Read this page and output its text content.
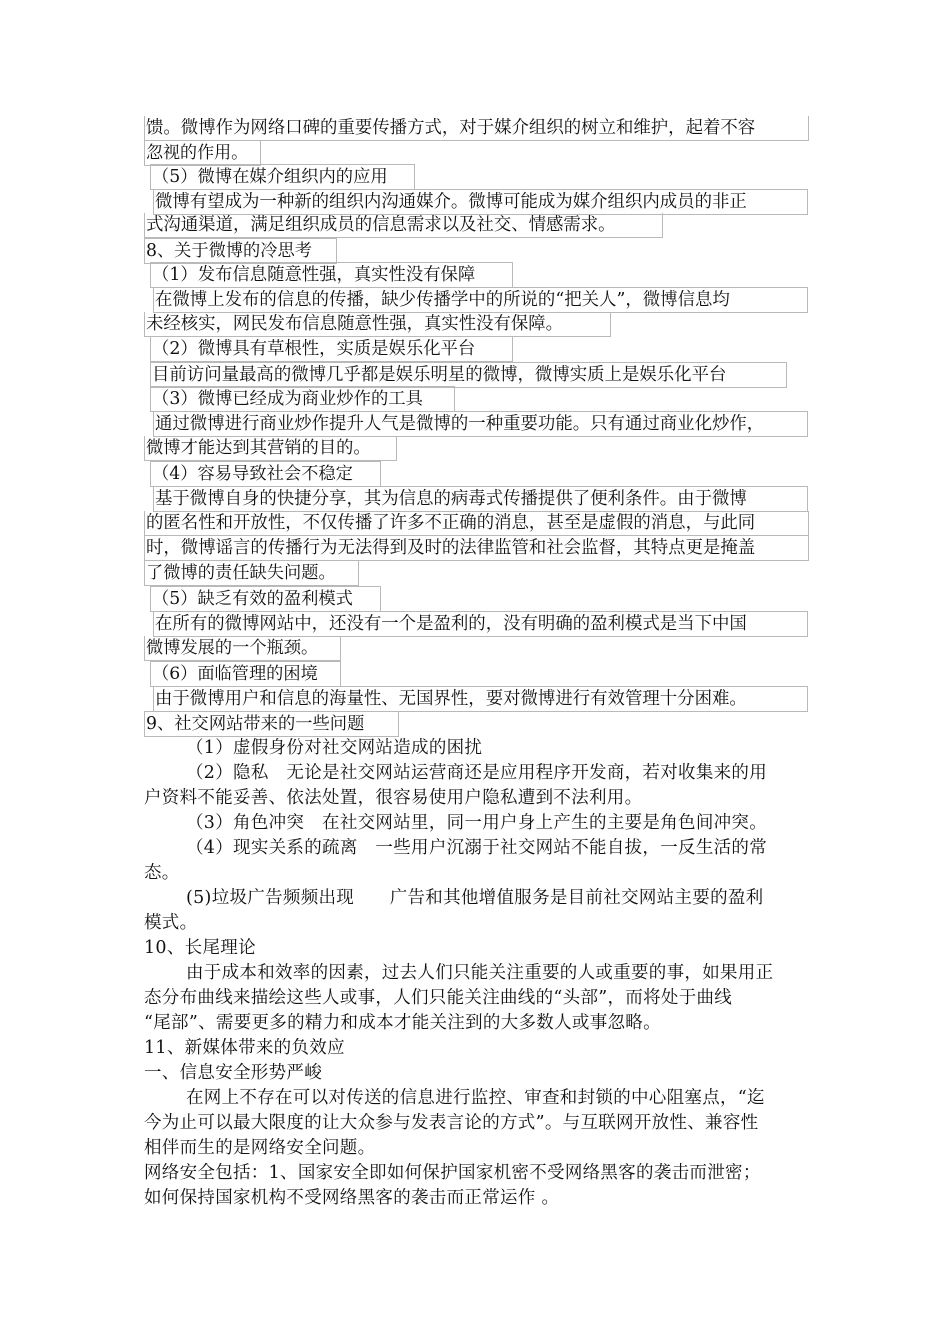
馈。微博作为网络口碑的重要传播方式，对于媒介组织的树立和维护，起着不容
忽视的作用。
（5）微博在媒介组织内的应用
微博有望成为一种新的组织内沟通媒介。微博可能成为媒介组织内成员的非正
式沟通渠道，满足组织成员的信息需求以及社交、情感需求。
8、关于微博的冷思考
（1）发布信息随意性强，真实性没有保障
在微博上发布的信息的传播，缺少传播学中的所说的“把关人”，微博信息均
未经核实，网民发布信息随意性强，真实性没有保障。
（2）微博具有草根性，实质是娱乐化平台
目前访问量最高的微博几乎都是娱乐明星的微博，微博实质上是娱乐化平台
（3）微博已经成为商业炒作的工具
通过微博进行商业炒作提升人气是微博的一种重要功能。只有通过商业化炒作，
微博才能达到其营销的目的。
（4）容易导致社会不稳定
基于微博自身的快捷分享，其为信息的病毒式传播提供了便利条件。由于微博
的匿名性和开放性，不仅传播了许多不正确的消息，甚至是虚假的消息，与此同
时，微博谣言的传播行为无法得到及时的法律监管和社会监督，其特点更是掩盖
了微博的责任缺失问题。
（5）缺乏有效的盈利模式
在所有的微博网站中，还没有一个是盈利的，没有明确的盈利模式是当下中国
微博发展的一个瓶颈。
（6）面临管理的困境
由于微博用户和信息的海量性、无国界性，要对微博进行有效管理十分困难。
9、社交网站带来的一些问题
（1）虚假身份对社交网站造成的困扰
（2）隐私　无论是社交网站运营商还是应用程序开发商，若对收集来的用
户资料不能妥善、依法处置，很容易使用户隐私遭到不法利用。
（3）角色冲突　在社交网站里，同一用户身上产生的主要是角色间冲突。
（4）现实关系的疏离　一些用户沉溺于社交网站不能自拔，一反生活的常
态。
(5)垃圾广告频频出现　　广告和其他增值服务是目前社交网站主要的盈利
模式。
10、长尾理论
由于成本和效率的因素，过去人们只能关注重要的人或重要的事，如果用正
态分布曲线来描绘这些人或事，人们只能关注曲线的“头部”，而将处于曲线
“尾部”、需要更多的精力和成本才能关注到的大多数人或事忽略。
11、新媒体带来的负效应
一、信息安全形势严峻
在网上不存在可以对传送的信息进行监控、审查和封锁的中心阻塞点，“迄
今为止可以最大限度的让大众参与发表言论的方式”。与互联网开放性、兼容性
相伴而生的是网络安全问题。
网络安全包括：1、国家安全即如何保护国家机密不受网络黑客的袭击而泄密；
如何保持国家机构不受网络黑客的袭击而正常运作 。
